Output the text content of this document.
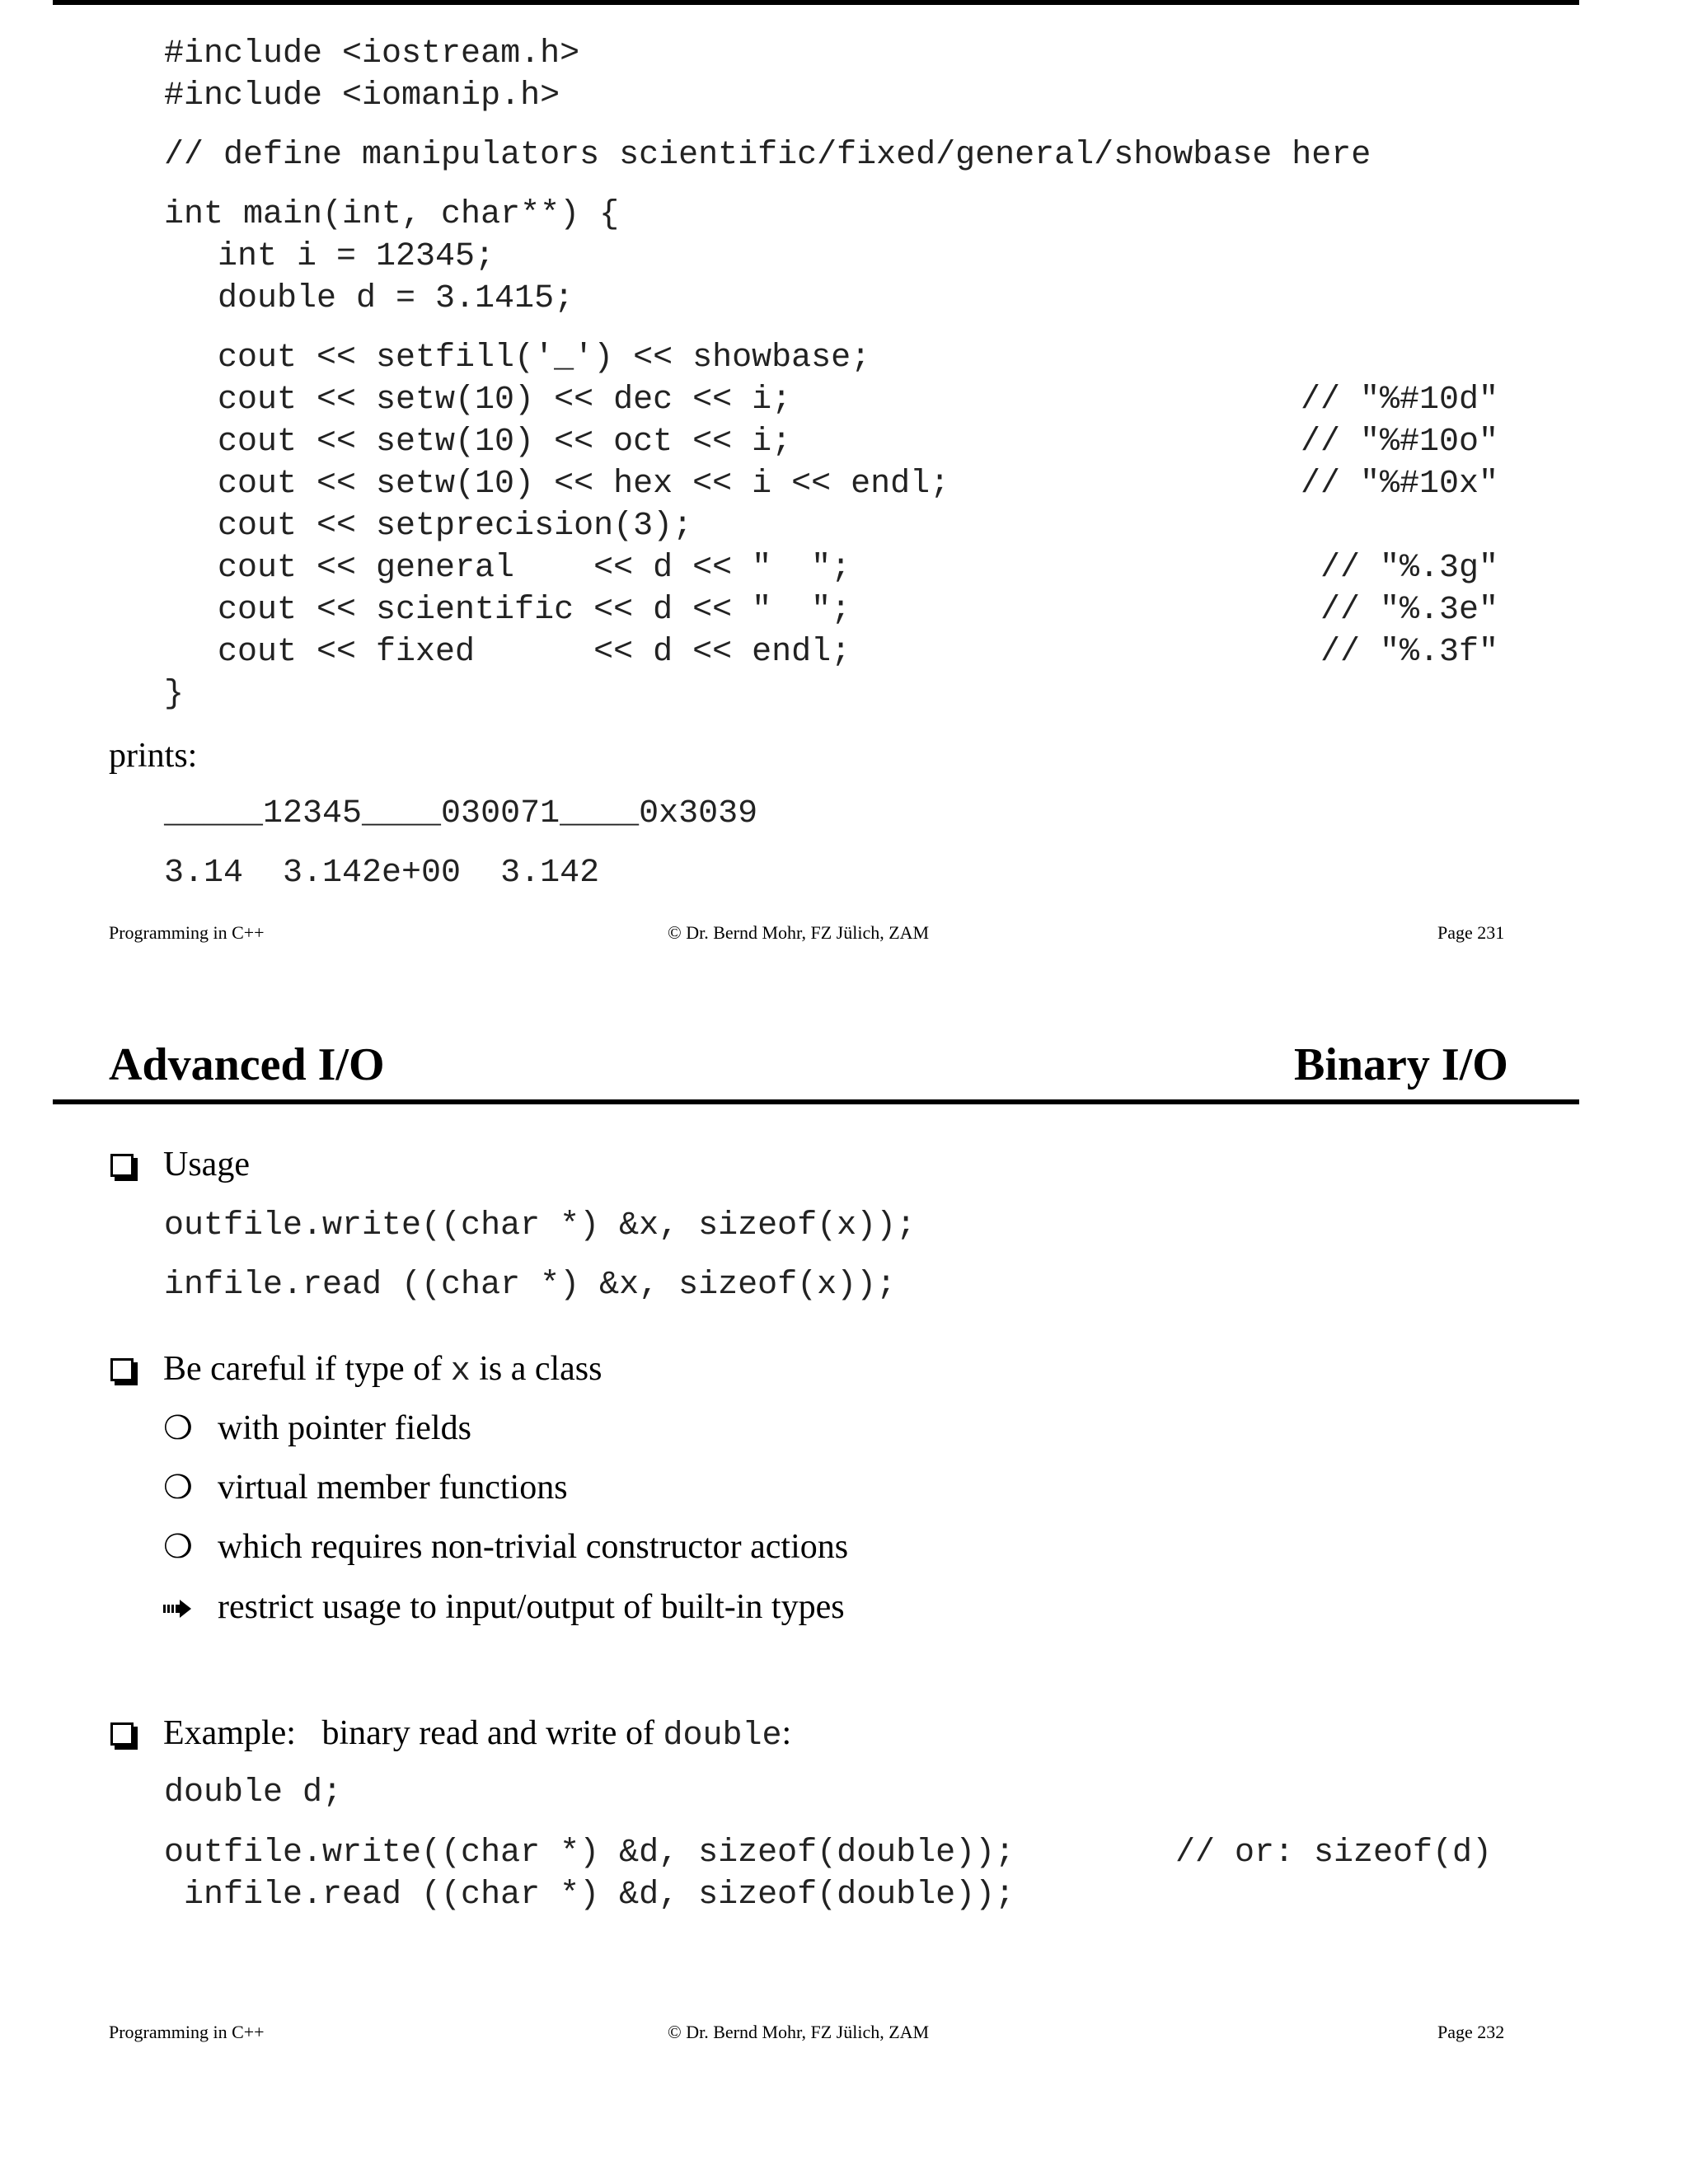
#include <iostream.h>
#include <iomanip.h>
// define manipulators scientific/fixed/general/showbase here
int main(int, char**) {
int i = 12345;
double d = 3.1415;
cout << setfill('_') << showbase;
cout << setw(10) << dec << i;
cout << setw(10) << oct << i;
cout << setw(10) << hex << i << endl;
cout << setprecision(3);
cout << general    << d << "  ";
cout << scientific << d << "  ";
cout << fixed      << d << endl;
}
// "%#10d"
// "%#10o"
// "%#10x"
// "%.3g"
// "%.3e"
// "%.3f"
prints:
_____12345____030071____0x3039
3.14  3.142e+00  3.142
Programming in C++	© Dr. Bernd Mohr, FZ Jülich, ZAM	Page 231
Advanced I/O	Binary I/O
Usage
outfile.write((char *) &x, sizeof(x));
infile.read ((char *) &x, sizeof(x));
Be careful if type of x is a class
❍ with pointer fields
❍ virtual member functions
❍ which requires non-trivial constructor actions
restrict usage to input/output of built-in types
Example:   binary read and write of double:
double d;
outfile.write((char *) &d, sizeof(double));	// or: sizeof(d)
infile.read ((char *) &d, sizeof(double));
Programming in C++	© Dr. Bernd Mohr, FZ Jülich, ZAM	Page 232
